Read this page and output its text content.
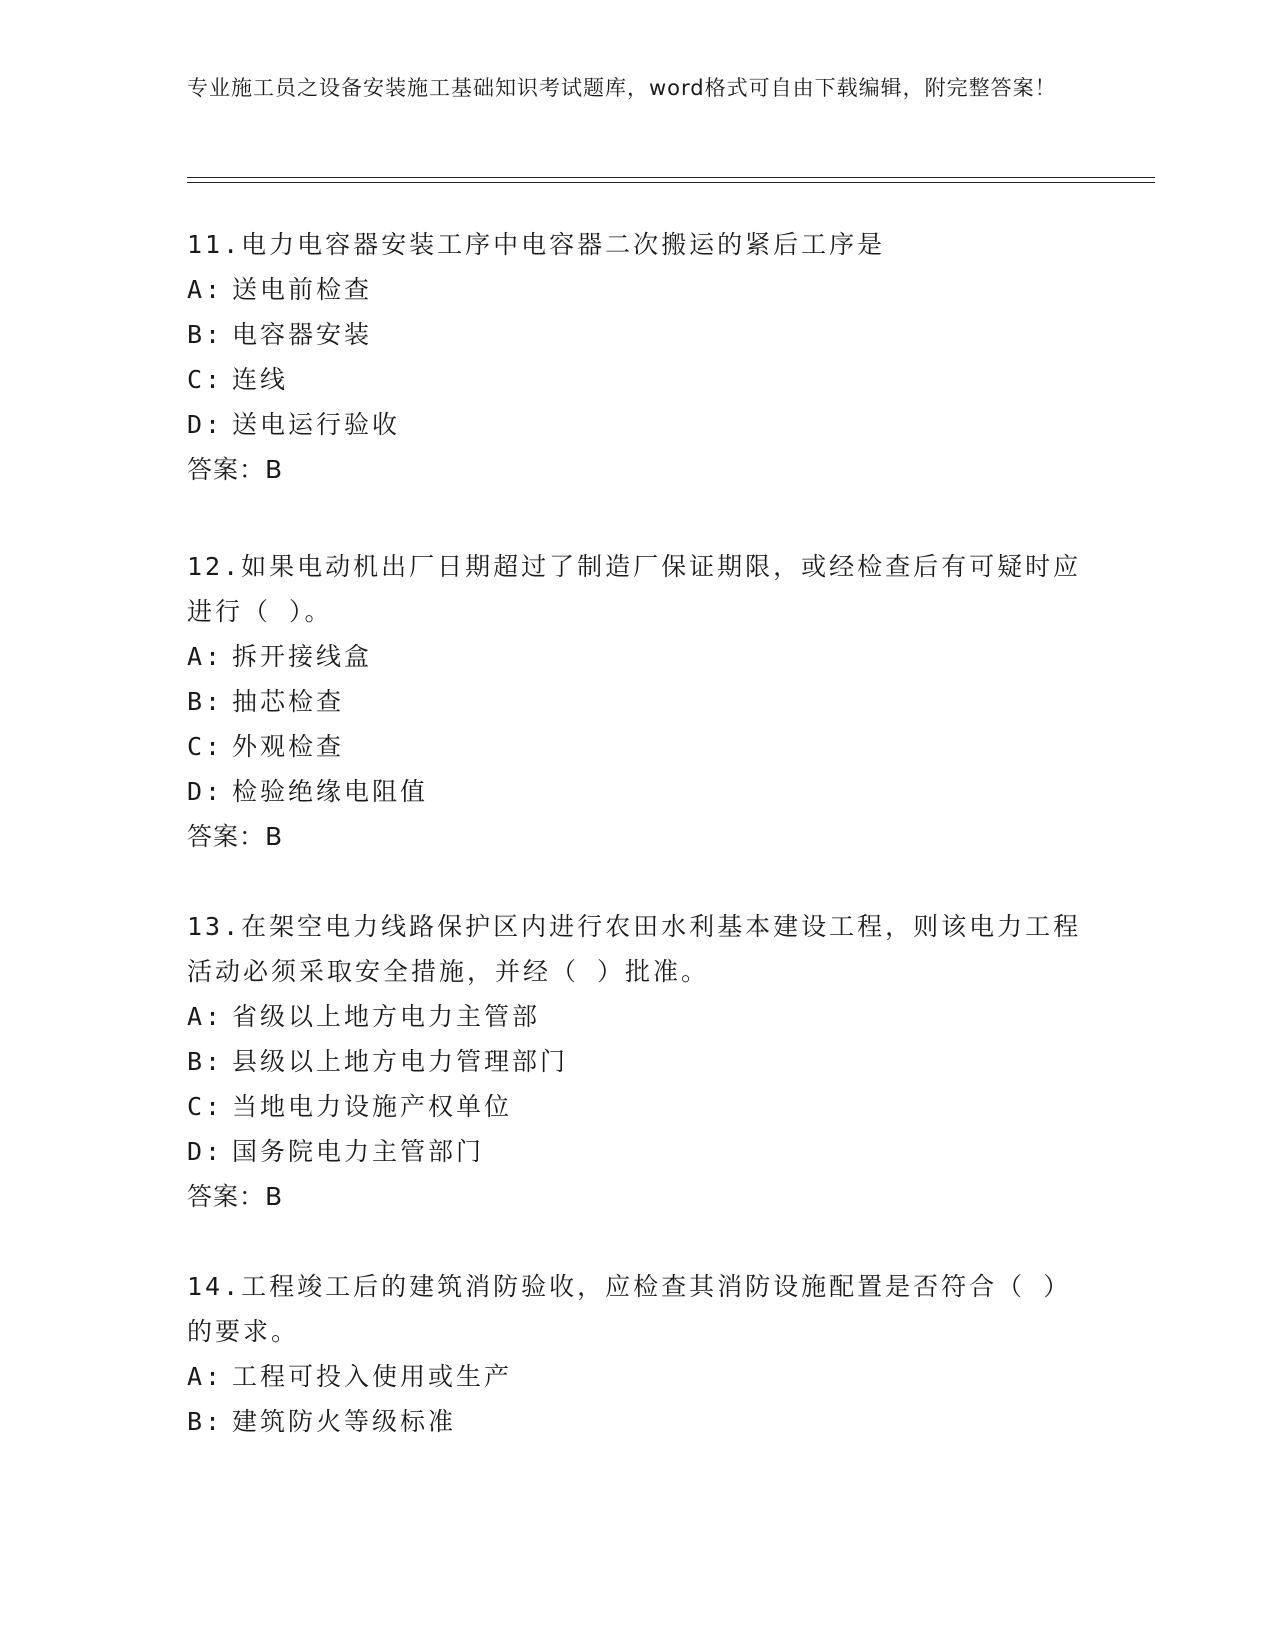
专业施工员之设备安装施工基础知识考试题库，word格式可自由下载编辑，附完整答案！

11.电力电容器安装工序中电容器二次搬运的紧后工序是

A: 送电前检查

B: 电容器安装

C: 连线

D: 送电运行验收

答案：B

12.如果电动机出厂日期超过了制造厂保证期限，或经检查后有可疑时应进行（ ）。

A: 拆开接线盒

B: 抽芯检查

C: 外观检查

D: 检验绝缘电阻值

答案：B

13.在架空电力线路保护区内进行农田水利基本建设工程，则该电力工程活动必须采取安全措施，并经（ ）批准。

A: 省级以上地方电力主管部

B: 县级以上地方电力管理部门

C: 当地电力设施产权单位

D: 国务院电力主管部门

答案：B

14.工程竣工后的建筑消防验收，应检查其消防设施配置是否符合（ ）的要求。

A: 工程可投入使用或生产

B: 建筑防火等级标准
